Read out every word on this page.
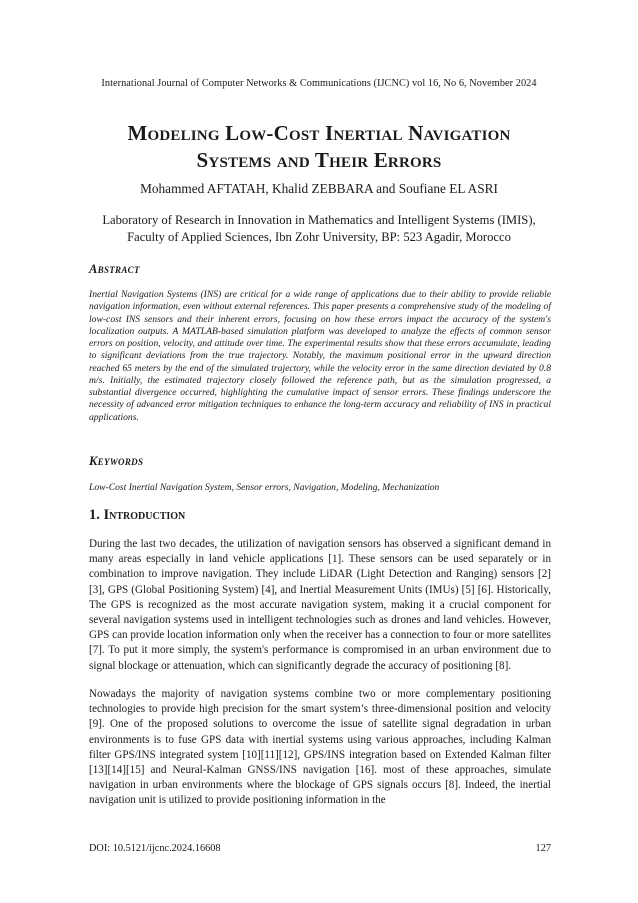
International Journal of Computer Networks & Communications (IJCNC) vol 16, No 6, November 2024
Modeling Low-Cost Inertial Navigation
Systems and Their Errors
Mohammed AFTATAH, Khalid ZEBBARA and Soufiane EL ASRI
Laboratory of Research in Innovation in Mathematics and Intelligent Systems (IMIS),
Faculty of Applied Sciences, Ibn Zohr University, BP: 523 Agadir, Morocco
Abstract

Inertial Navigation Systems (INS) are critical for a wide range of applications due to their ability to provide reliable navigation information, even without external references. This paper presents a comprehensive study of the modeling of low-cost INS sensors and their inherent errors, focusing on how these errors impact the accuracy of the system's localization outputs. A MATLAB-based simulation platform was developed to analyze the effects of common sensor errors on position, velocity, and attitude over time. The experimental results show that these errors accumulate, leading to significant deviations from the true trajectory. Notably, the maximum positional error in the upward direction reached 65 meters by the end of the simulated trajectory, while the velocity error in the same direction deviated by 0.8 m/s. Initially, the estimated trajectory closely followed the reference path, but as the simulation progressed, a substantial divergence occurred, highlighting the cumulative impact of sensor errors. These findings underscore the necessity of advanced error mitigation techniques to enhance the long-term accuracy and reliability of INS in practical applications.

Keywords

Low-Cost Inertial Navigation System, Sensor errors, Navigation, Modeling, Mechanization

1. Introduction

During the last two decades, the utilization of navigation sensors has observed a significant demand in many areas especially in land vehicle applications [1]. These sensors can be used separately or in combination to improve navigation. They include LiDAR (Light Detection and Ranging) sensors [2] [3], GPS (Global Positioning System) [4], and Inertial Measurement Units (IMUs) [5] [6]. Historically, The GPS is recognized as the most accurate navigation system, making it a crucial component for several navigation systems used in intelligent technologies such as drones and land vehicles. However, GPS can provide location information only when the receiver has a connection to four or more satellites [7]. To put it more simply, the system's performance is compromised in an urban environment due to signal blockage or attenuation, which can significantly degrade the accuracy of positioning [8].

Nowadays the majority of navigation systems combine two or more complementary positioning technologies to provide high precision for the smart system’s three-dimensional position and velocity [9]. One of the proposed solutions to overcome the issue of satellite signal degradation in urban environments is to fuse GPS data with inertial systems using various approaches, including Kalman filter GPS/INS integrated system [10][11][12], GPS/INS integration based on Extended Kalman filter [13][14][15] and Neural-Kalman GNSS/INS navigation [16]. most of these approaches, simulate navigation in urban environments where the blockage of GPS signals occurs [8]. Indeed, the inertial navigation unit is utilized to provide positioning information in the

DOI: 10.5121/ijcnc.2024.16608	127
